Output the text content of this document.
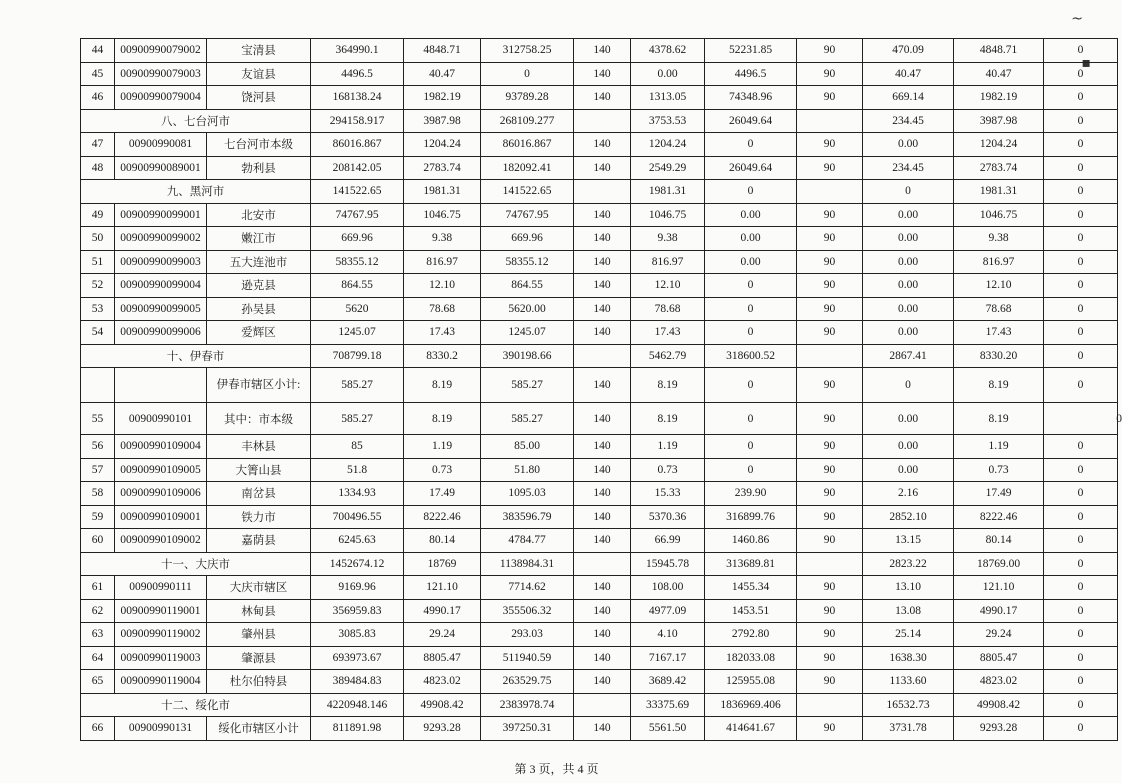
~
▪
44	00900990079002	宝清县	364990.1	4848.71	312758.25	140	4378.62	52231.85	90	470.09	4848.71	0
45	00900990079003	友谊县	4496.5	40.47	0	140	0.00	4496.5	90	40.47	40.47	0
46	00900990079004	饶河县	168138.24	1982.19	93789.28	140	1313.05	74348.96	90	669.14	1982.19	0
八、七台河市			294158.917	3987.98	268109.277		3753.53	26049.64		234.45	3987.98	0
47	00900990081	七台河市本级	86016.867	1204.24	86016.867	140	1204.24	0	90	0.00	1204.24	0
48	00900990089001	勃利县	208142.05	2783.74	182092.41	140	2549.29	26049.64	90	234.45	2783.74	0
九、黑河市			141522.65	1981.31	141522.65		1981.31	0		0	1981.31	0
49	00900990099001	北安市	74767.95	1046.75	74767.95	140	1046.75	0.00	90	0.00	1046.75	0
50	00900990099002	嫩江市	669.96	9.38	669.96	140	9.38	0.00	90	0.00	9.38	0
51	00900990099003	五大连池市	58355.12	816.97	58355.12	140	816.97	0.00	90	0.00	816.97	0
52	00900990099004	逊克县	864.55	12.10	864.55	140	12.10	0	90	0.00	12.10	0
53	00900990099005	孙吴县	5620	78.68	5620.00	140	78.68	0	90	0.00	78.68	0
54	00900990099006	爱辉区	1245.07	17.43	1245.07	140	17.43	0	90	0.00	17.43	0
十、伊春市			708799.18	8330.2	390198.66		5462.79	318600.52		2867.41	8330.20	0
		伊春市辖区小计:	585.27	8.19	585.27	140	8.19	0	90	0	8.19	0
55	00900990101	其中：市本级	585.27	8.19	585.27	140	8.19	0	90	0.00	8.19	0

56	00900990109004	丰林县	85	1.19	85.00	140	1.19	0	90	0.00	1.19	0
57	00900990109005	大箐山县	51.8	0.73	51.80	140	0.73	0	90	0.00	0.73	0
58	00900990109006	南岔县	1334.93	17.49	1095.03	140	15.33	239.90	90	2.16	17.49	0
59	00900990109001	铁力市	700496.55	8222.46	383596.79	140	5370.36	316899.76	90	2852.10	8222.46	0
60	00900990109002	嘉荫县	6245.63	80.14	4784.77	140	66.99	1460.86	90	13.15	80.14	0
十一、大庆市			1452674.12	18769	1138984.31		15945.78	313689.81		2823.22	18769.00	0
61	00900990111	大庆市辖区	9169.96	121.10	7714.62	140	108.00	1455.34	90	13.10	121.10	0
62	00900990119001	林甸县	356959.83	4990.17	355506.32	140	4977.09	1453.51	90	13.08	4990.17	0
63	00900990119002	肇州县	3085.83	29.24	293.03	140	4.10	2792.80	90	25.14	29.24	0
64	00900990119003	肇源县	693973.67	8805.47	511940.59	140	7167.17	182033.08	90	1638.30	8805.47	0
65	00900990119004	杜尔伯特县	389484.83	4823.02	263529.75	140	3689.42	125955.08	90	1133.60	4823.02	0
十二、绥化市			4220948.146	49908.42	2383978.74		33375.69	1836969.406		16532.73	49908.42	0
66	00900990131	绥化市辖区小计	811891.98	9293.28	397250.31	140	5561.50	414641.67	90	3731.78	9293.28	0
第 3 页，共 4 页
